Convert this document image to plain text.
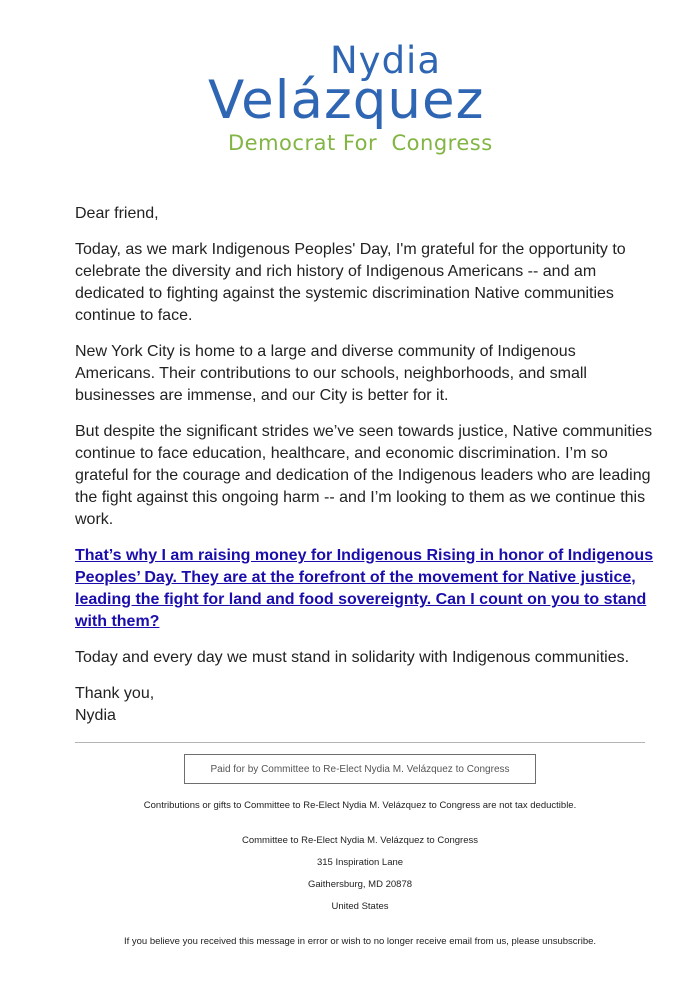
Nydia
Velázquez
Democrat For  Congress

Dear friend,

Today, as we mark Indigenous Peoples' Day, I'm grateful for the opportunity to celebrate the diversity and rich history of Indigenous Americans -- and am dedicated to fighting against the systemic discrimination Native communities continue to face.

New York City is home to a large and diverse community of Indigenous Americans. Their contributions to our schools, neighborhoods, and small businesses are immense, and our City is better for it.

But despite the significant strides we’ve seen towards justice, Native communities continue to face education, healthcare, and economic discrimination. I’m so grateful for the courage and dedication of the Indigenous leaders who are leading the fight against this ongoing harm -- and I’m looking to them as we continue this work.

That’s why I am raising money for Indigenous Rising in honor of Indigenous Peoples’ Day. They are at the forefront of the movement for Native justice, leading the fight for land and food sovereignty. Can I count on you to stand with them?

Today and every day we must stand in solidarity with Indigenous communities.

Thank you,
Nydia
Paid for by Committee to Re-Elect Nydia M. Velázquez to Congress
Contributions or gifts to Committee to Re-Elect Nydia M. Velázquez to Congress are not tax deductible.
Committee to Re-Elect Nydia M. Velázquez to Congress
315 Inspiration Lane
Gaithersburg, MD 20878
United States
If you believe you received this message in error or wish to no longer receive email from us, please unsubscribe.
